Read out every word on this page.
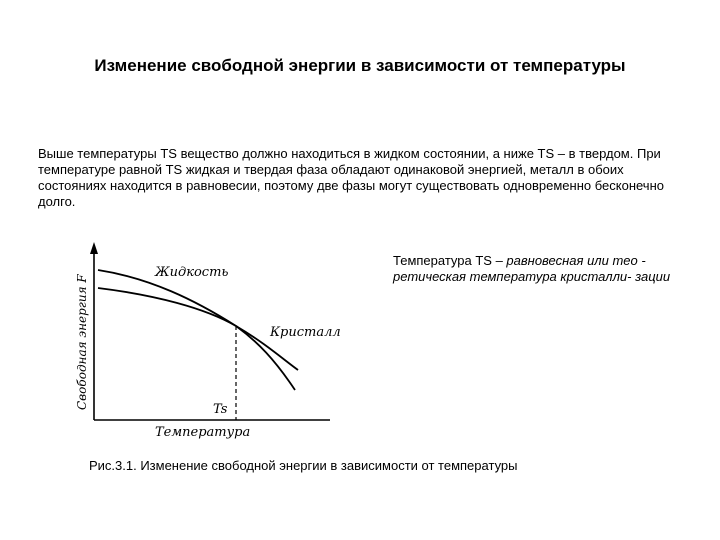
Изменение свободной энергии в зависимости от температуры
Выше температуры TS вещество должно находиться в жидком состоянии, а ниже TS – в твердом. При температуре равной TS жидкая и твердая фаза обладают одинаковой энергией, металл в обоих состояниях находится в равновесии, поэтому две фазы могут существовать одновременно бесконечно долго.
Температура TS – равновесная или тео - ретическая температура кристалли- зации
Жидкость
Кристалл
Ts
Температура
Свободная энергия F
Рис.3.1. Изменение свободной энергии в зависимости от температуры
